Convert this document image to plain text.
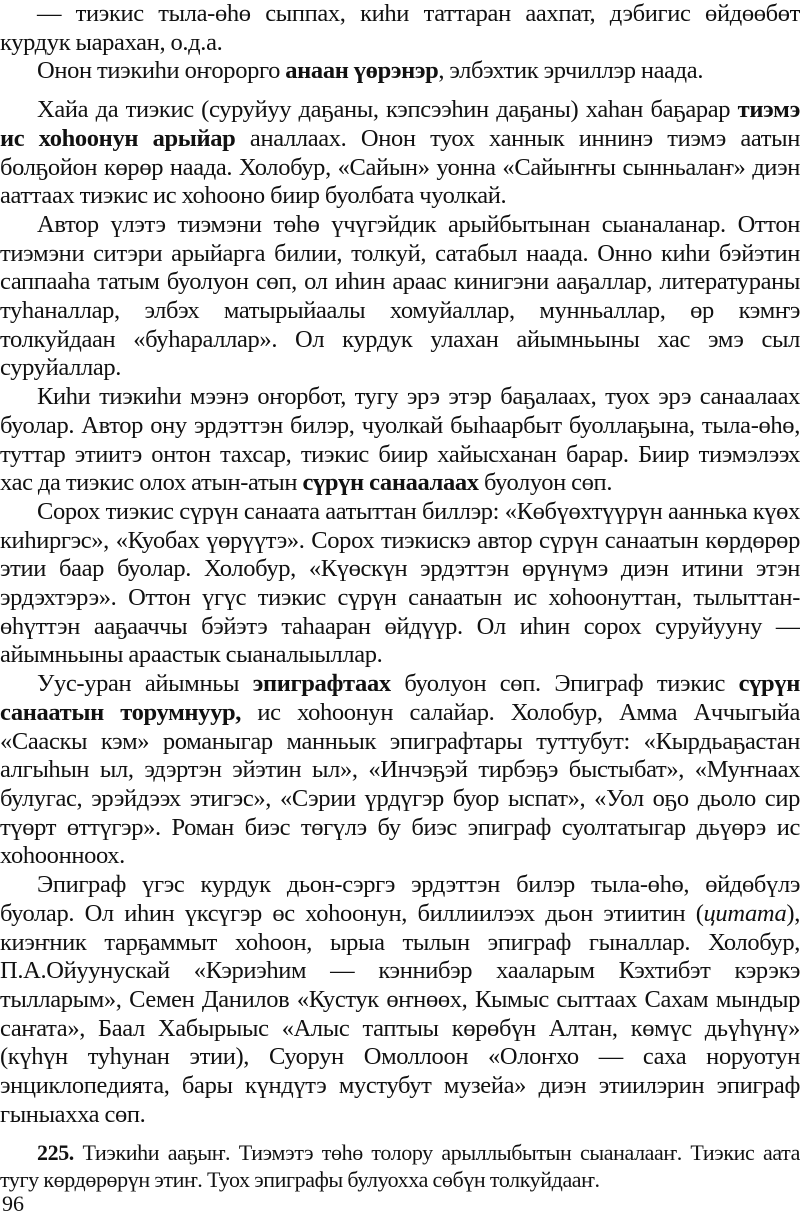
— тиэкис тыла-өһө сыппах, киһи таттаран аахпат, дэбигис өйдөөбөт курдук ыарахан, о.д.а.

Онон тиэкиһи оҥорорго анаан үөрэнэр, элбэхтик эрчиллэр наада.

Хайа да тиэкис (суруйуу даҕаны, кэпсээһин даҕаны) хаһан баҕарар тиэмэ ис хоһоонун арыйар аналлаах. Онон туох ханнык иннинэ тиэмэ аатын болҕойон көрөр наада. Холобур, «Сайын» уонна «Сайыҥҥы сынньалаҥ» диэн ааттаах тиэкис ис хоһооно биир буолбата чуолкай.

Автор үлэтэ тиэмэни төһө үчүгэйдик арыйбытынан сыаналанар. Оттон тиэмэни ситэри арыйарга билии, толкуй, сатабыл наада. Онно киһи бэйэтин саппааһа татым буолуон сөп, ол иһин араас кинигэни ааҕаллар, литератураны туһаналлар, элбэх матырыйаалы хомуйаллар, мунньаллар, өр кэмҥэ толкуйдаан «буһараллар». Ол курдук улахан айымньыны хас эмэ сыл суруйаллар.

Киһи тиэкиһи мээнэ оҥорбот, тугу эрэ этэр баҕалаах, туох эрэ санаалаах буолар. Автор ону эрдэттэн билэр, чуолкай быһаарбыт буоллаҕына, тыла-өһө, туттар этиитэ онтон тахсар, тиэкис биир хайысханан барар. Биир тиэмэлээх хас да тиэкис олох атын-атын сүрүн санаалаах буолуон сөп.

Сорох тиэкис сүрүн санаата аатыттан биллэр: «Көбүөхтүүрүн ааннька күөх киһиргэс», «Куобах үөрүүтэ». Сорох тиэкискэ автор сүрүн санаатын көрдөрөр этии баар буолар. Холобур, «Күөскүн эрдэттэн өрүнүмэ диэн итини этэн эрдэхтэрэ». Оттон үгүс тиэкис сүрүн санаатын ис хоһоонуттан, тылыттан-өһүттэн ааҕааччы бэйэтэ таһааран өйдүүр. Ол иһин сорох суруйууну — айымньыны араастык сыаналыыллар.

Уус-уран айымньы эпиграфтаах буолуон сөп. Эпиграф тиэкис сүрүн санаатын торумнуур, ис хоһоонун салайар. Холобур, Амма Аччыгыйа «Сааскы кэм» романыгар манньык эпиграфтары туттубут: «Кырдьаҕастан алгыһын ыл, эдэртэн эйэтин ыл», «Инчэҕэй тирбэҕэ быстыбат», «Муҥнаах булугас, эрэйдээх этигэс», «Сэрии үрдүгэр буор ыспат», «Уол оҕо дьоло сир түөрт өттүгэр». Роман биэс төгүлэ бу биэс эпиграф суолтатыгар дьүөрэ ис хоһооннoох.

Эпиграф үгэс курдук дьон-сэргэ эрдэттэн билэр тыла-өһө, өйдөбүлэ буолар. Ол иһин үксүгэр өс хоһоонун, биллиилээх дьон этиитин (цитата), киэҥник тарҕаммыт хоһоон, ырыа тылын эпиграф гыналлар. Холобур, П.А.Ойуунускай «Кэриэһим — кэннибэр хааларым Кэхтибэт кэрэкэ тылларым», Семен Данилов «Кустук өҥнөөх, Кымыс сыттаах Сахам мындыр саҥата», Баал Хабырыыс «Алыс таптыы көрөбүн Алтан, көмүс дьүһүнү» (күһүн туһунан этии), Суорун Омоллоон «Олоҥхо — саха норуотун энциклопедията, бары күндүтэ мустубут музейа» диэн этиилэрин эпиграф гыныахха сөп.

225. Тиэкиһи ааҕыҥ. Тиэмэтэ төһө толору арыллыбытын сыаналааҥ. Тиэкис аата тугу көрдөрөрүн этиҥ. Туох эпиграфы булуохха сөбүн толкуйдааҥ.

96
